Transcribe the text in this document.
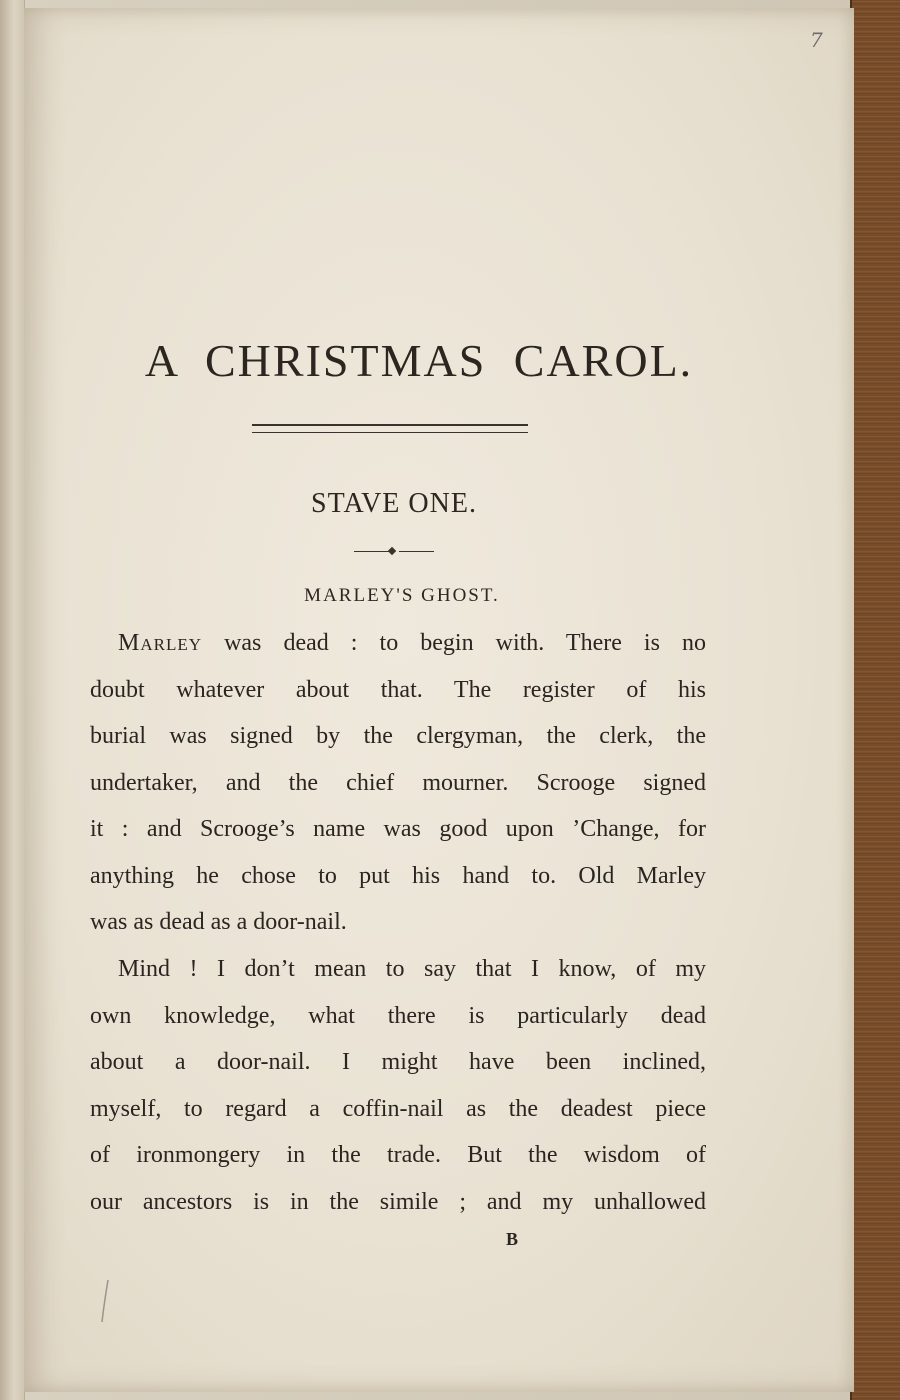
7
A CHRISTMAS CAROL.
STAVE ONE.
MARLEY'S GHOST.
Marley was dead : to begin with. There is no
doubt whatever about that. The register of his
burial was signed by the clergyman, the clerk, the
undertaker, and the chief mourner. Scrooge signed
it : and Scrooge’s name was good upon ’Change, for
anything he chose to put his hand to. Old Marley
was as dead as a door-nail.
Mind ! I don’t mean to say that I know, of my
own knowledge, what there is particularly dead
about a door-nail. I might have been inclined,
myself, to regard a coffin-nail as the deadest piece
of ironmongery in the trade. But the wisdom of
our ancestors is in the simile ; and my unhallowed
B
